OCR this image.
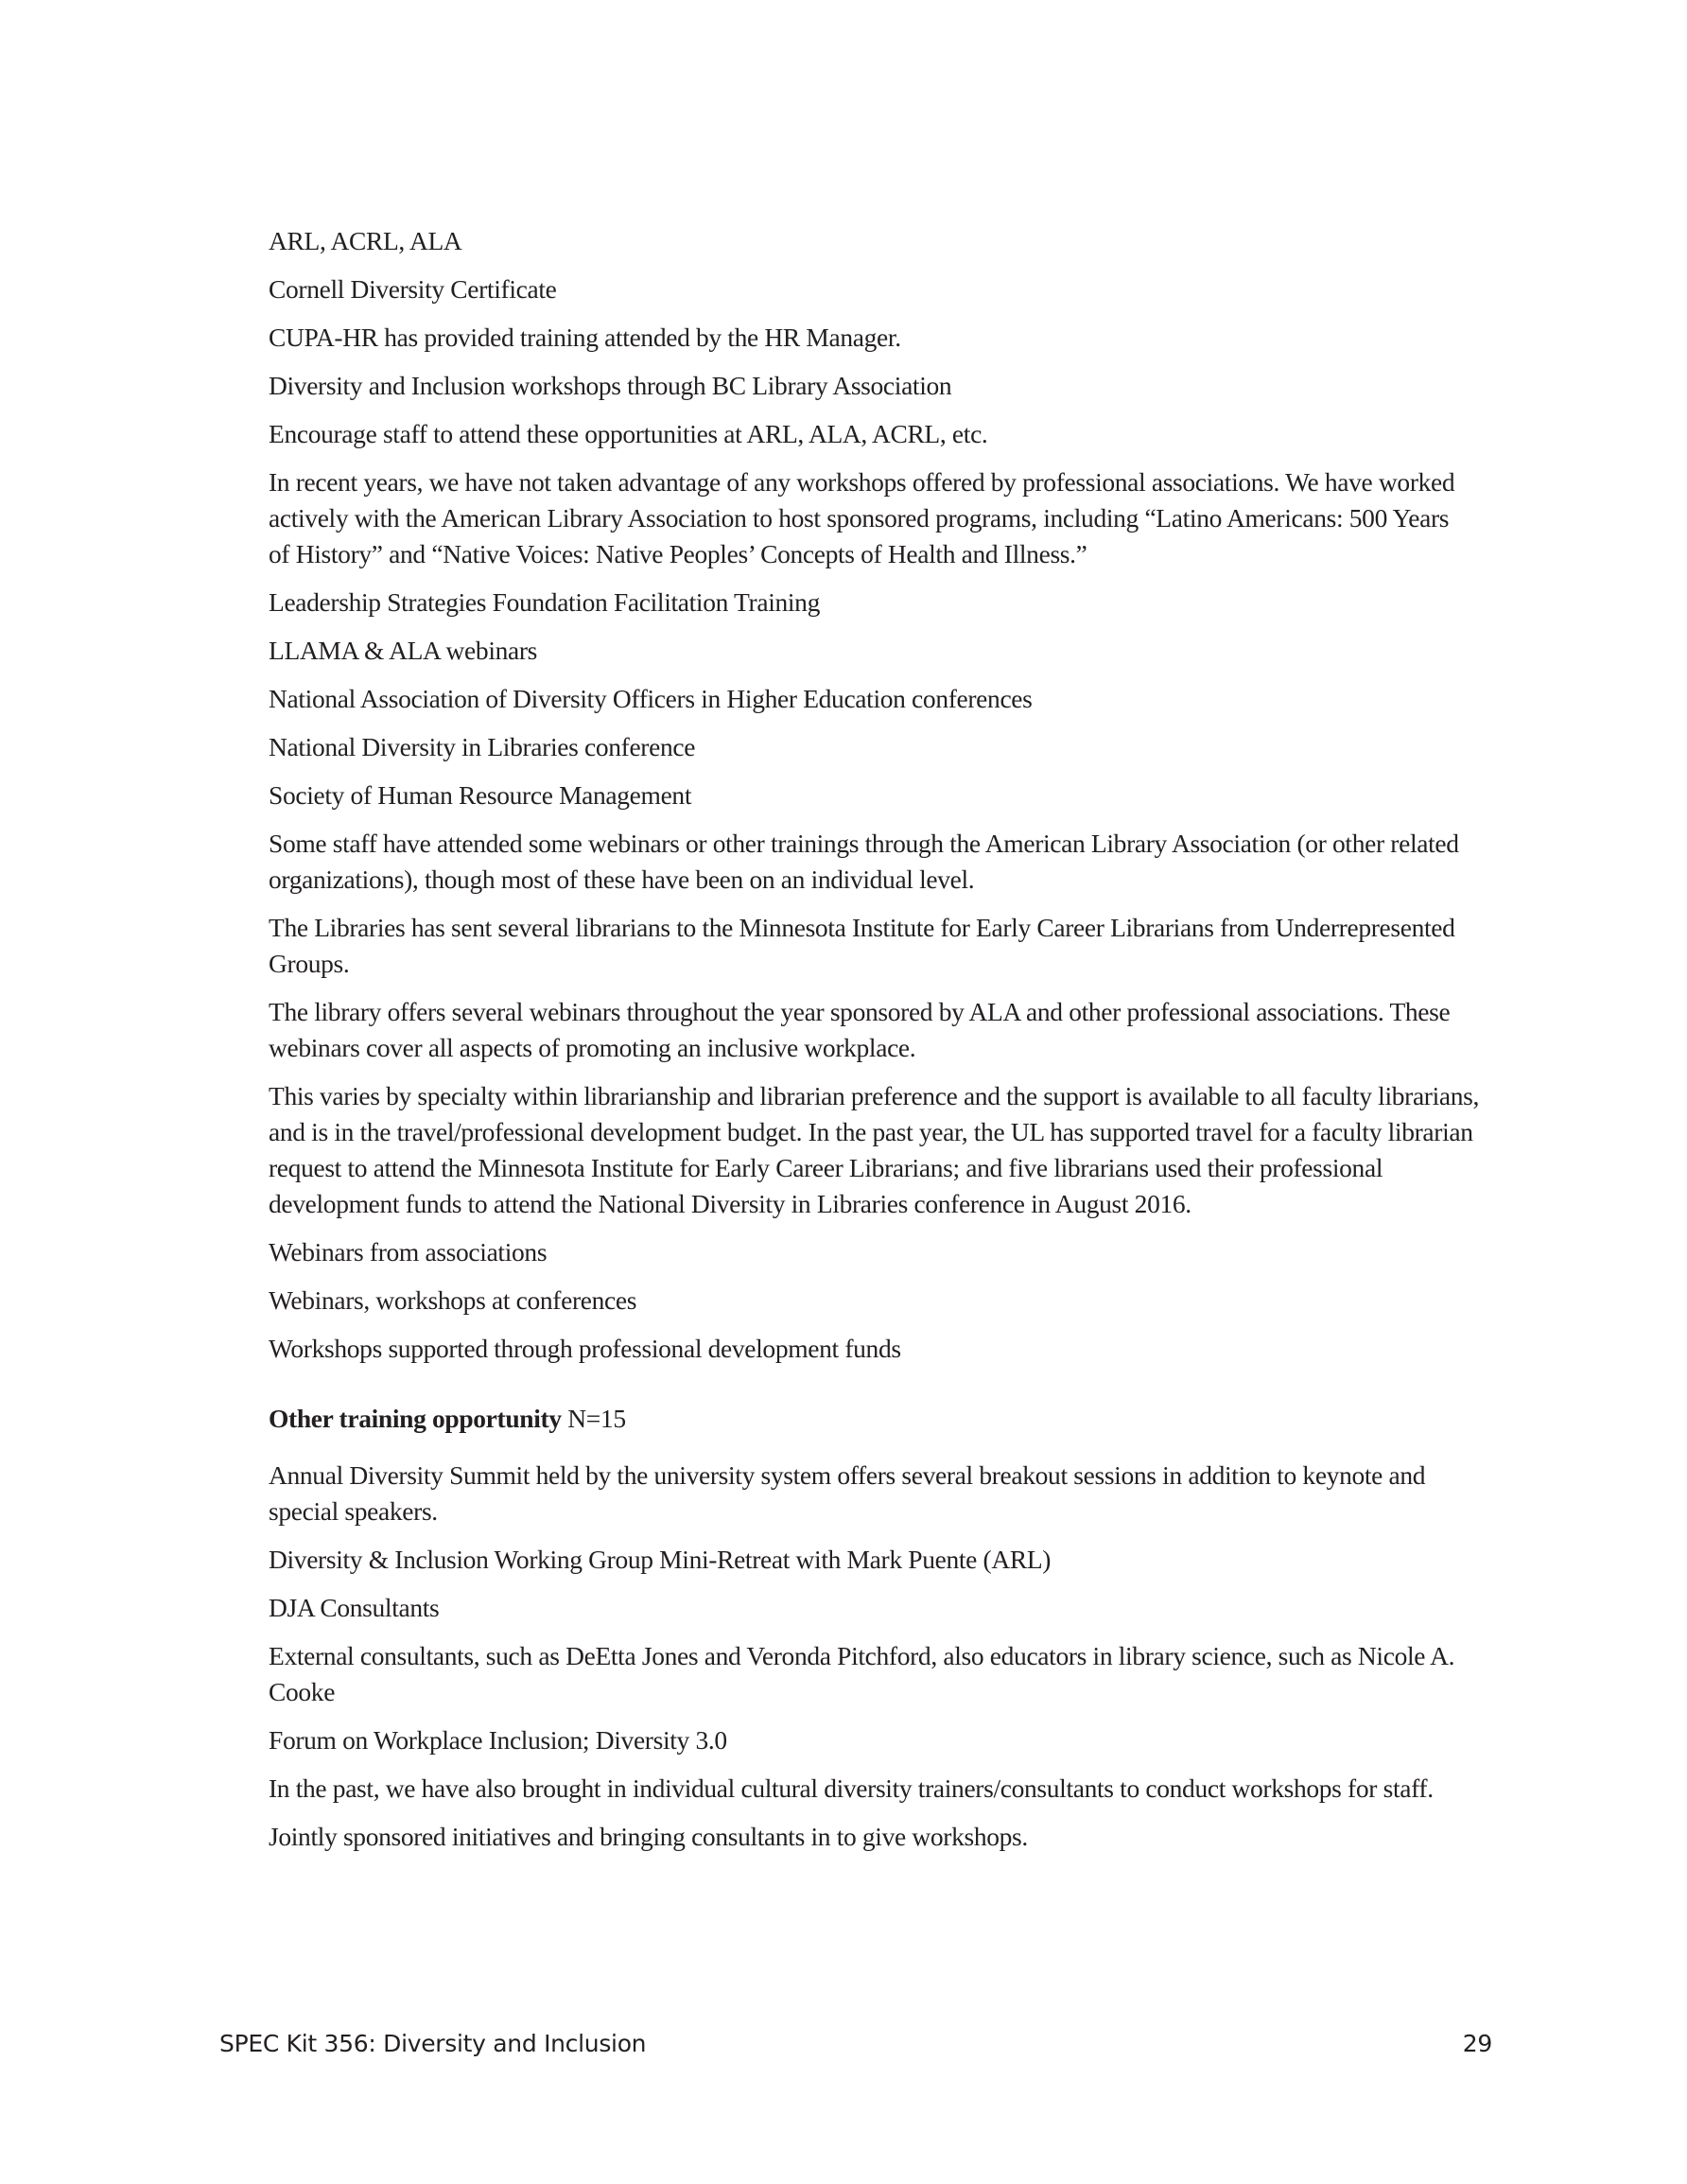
ARL, ACRL, ALA

Cornell Diversity Certificate

CUPA-HR has provided training attended by the HR Manager.

Diversity and Inclusion workshops through BC Library Association

Encourage staff to attend these opportunities at ARL, ALA, ACRL, etc.

In recent years, we have not taken advantage of any workshops offered by professional associations. We have worked actively with the American Library Association to host sponsored programs, including “Latino Americans: 500 Years of History” and “Native Voices: Native Peoples’ Concepts of Health and Illness.”

Leadership Strategies Foundation Facilitation Training

LLAMA & ALA webinars

National Association of Diversity Officers in Higher Education conferences

National Diversity in Libraries conference

Society of Human Resource Management

Some staff have attended some webinars or other trainings through the American Library Association (or other related organizations), though most of these have been on an individual level.

The Libraries has sent several librarians to the Minnesota Institute for Early Career Librarians from Underrepresented Groups.

The library offers several webinars throughout the year sponsored by ALA and other professional associations. These webinars cover all aspects of promoting an inclusive workplace.

This varies by specialty within librarianship and librarian preference and the support is available to all faculty librarians, and is in the travel/professional development budget. In the past year, the UL has supported travel for a faculty librarian request to attend the Minnesota Institute for Early Career Librarians; and five librarians used their professional development funds to attend the National Diversity in Libraries conference in August 2016.

Webinars from associations

Webinars, workshops at conferences

Workshops supported through professional development funds

Other training opportunity N=15

Annual Diversity Summit held by the university system offers several breakout sessions in addition to keynote and special speakers.

Diversity & Inclusion Working Group Mini-Retreat with Mark Puente (ARL)

DJA Consultants

External consultants, such as DeEtta Jones and Veronda Pitchford, also educators in library science, such as Nicole A. Cooke

Forum on Workplace Inclusion; Diversity 3.0

In the past, we have also brought in individual cultural diversity trainers/consultants to conduct workshops for staff.

Jointly sponsored initiatives and bringing consultants in to give workshops.

SPEC Kit 356: Diversity and Inclusion	29
